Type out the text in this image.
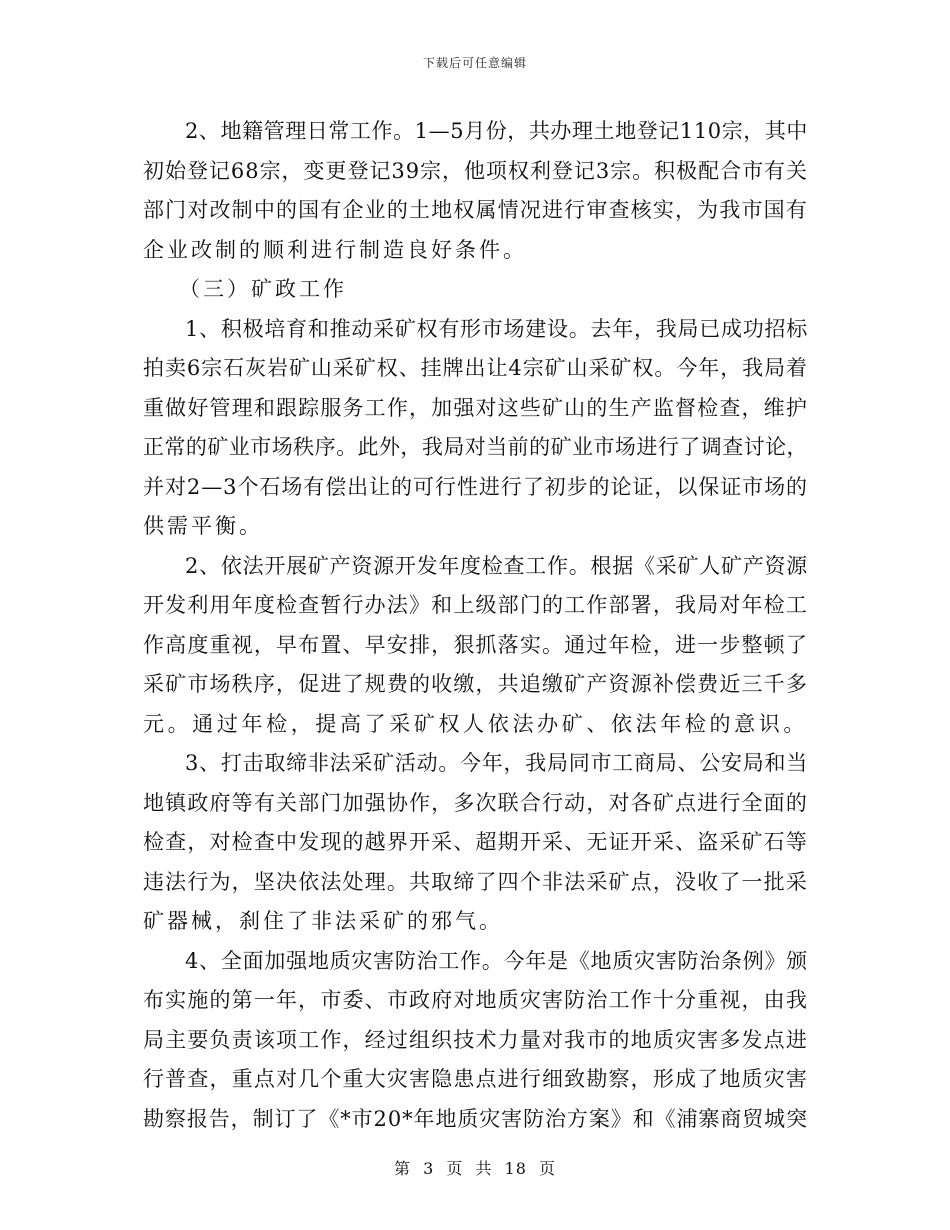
下载后可任意编辑
2、地籍管理日常工作。1—5月份，共办理土地登记110宗，其中
初始登记68宗，变更登记39宗，他项权利登记3宗。积极配合市有关
部门对改制中的国有企业的土地权属情况进行审查核实，为我市国有
企业改制的顺利进行制造良好条件。
（三）矿政工作
1、积极培育和推动采矿权有形市场建设。去年，我局已成功招标
拍卖6宗石灰岩矿山采矿权、挂牌出让4宗矿山采矿权。今年，我局着
重做好管理和跟踪服务工作，加强对这些矿山的生产监督检查，维护
正常的矿业市场秩序。此外，我局对当前的矿业市场进行了调查讨论，
并对2—3个石场有偿出让的可行性进行了初步的论证，以保证市场的
供需平衡。
2、依法开展矿产资源开发年度检查工作。根据《采矿人矿产资源
开发利用年度检查暂行办法》和上级部门的工作部署，我局对年检工
作高度重视，早布置、早安排，狠抓落实。通过年检，进一步整顿了
采矿市场秩序，促进了规费的收缴，共追缴矿产资源补偿费近三千多
元。通过年检，提高了采矿权人依法办矿、依法年检的意识。
3、打击取缔非法采矿活动。今年，我局同市工商局、公安局和当
地镇政府等有关部门加强协作，多次联合行动，对各矿点进行全面的
检查，对检查中发现的越界开采、超期开采、无证开采、盗采矿石等
违法行为，坚决依法处理。共取缔了四个非法采矿点，没收了一批采
矿器械，刹住了非法采矿的邪气。
4、全面加强地质灾害防治工作。今年是《地质灾害防治条例》颁
布实施的第一年，市委、市政府对地质灾害防治工作十分重视，由我
局主要负责该项工作，经过组织技术力量对我市的地质灾害多发点进
行普查，重点对几个重大灾害隐患点进行细致勘察，形成了地质灾害
勘察报告，制订了《*市20*年地质灾害防治方案》和《浦寨商贸城突
第 3 页 共 18 页
